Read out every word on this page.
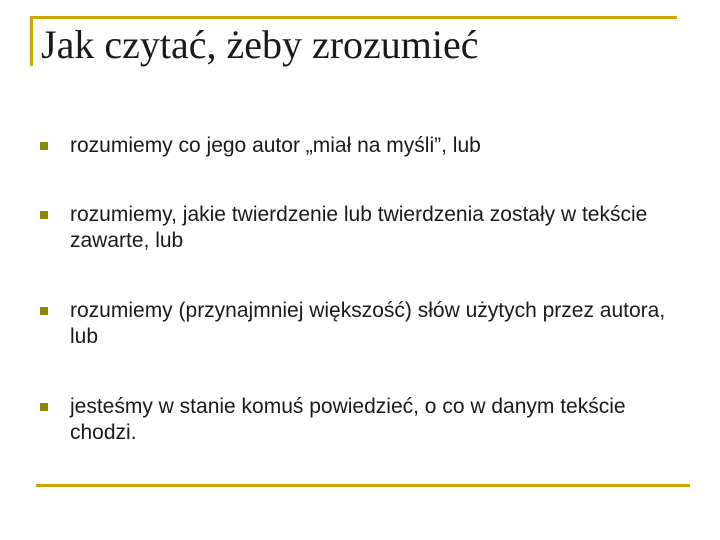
Jak czytać, żeby zrozumieć
rozumiemy co jego autor „miał na myśli”, lub
rozumiemy, jakie twierdzenie lub twierdzenia zostały w tekście zawarte, lub
rozumiemy (przynajmniej większość) słów użytych przez autora, lub
jesteśmy w stanie komuś powiedzieć, o co w danym tekście chodzi.
